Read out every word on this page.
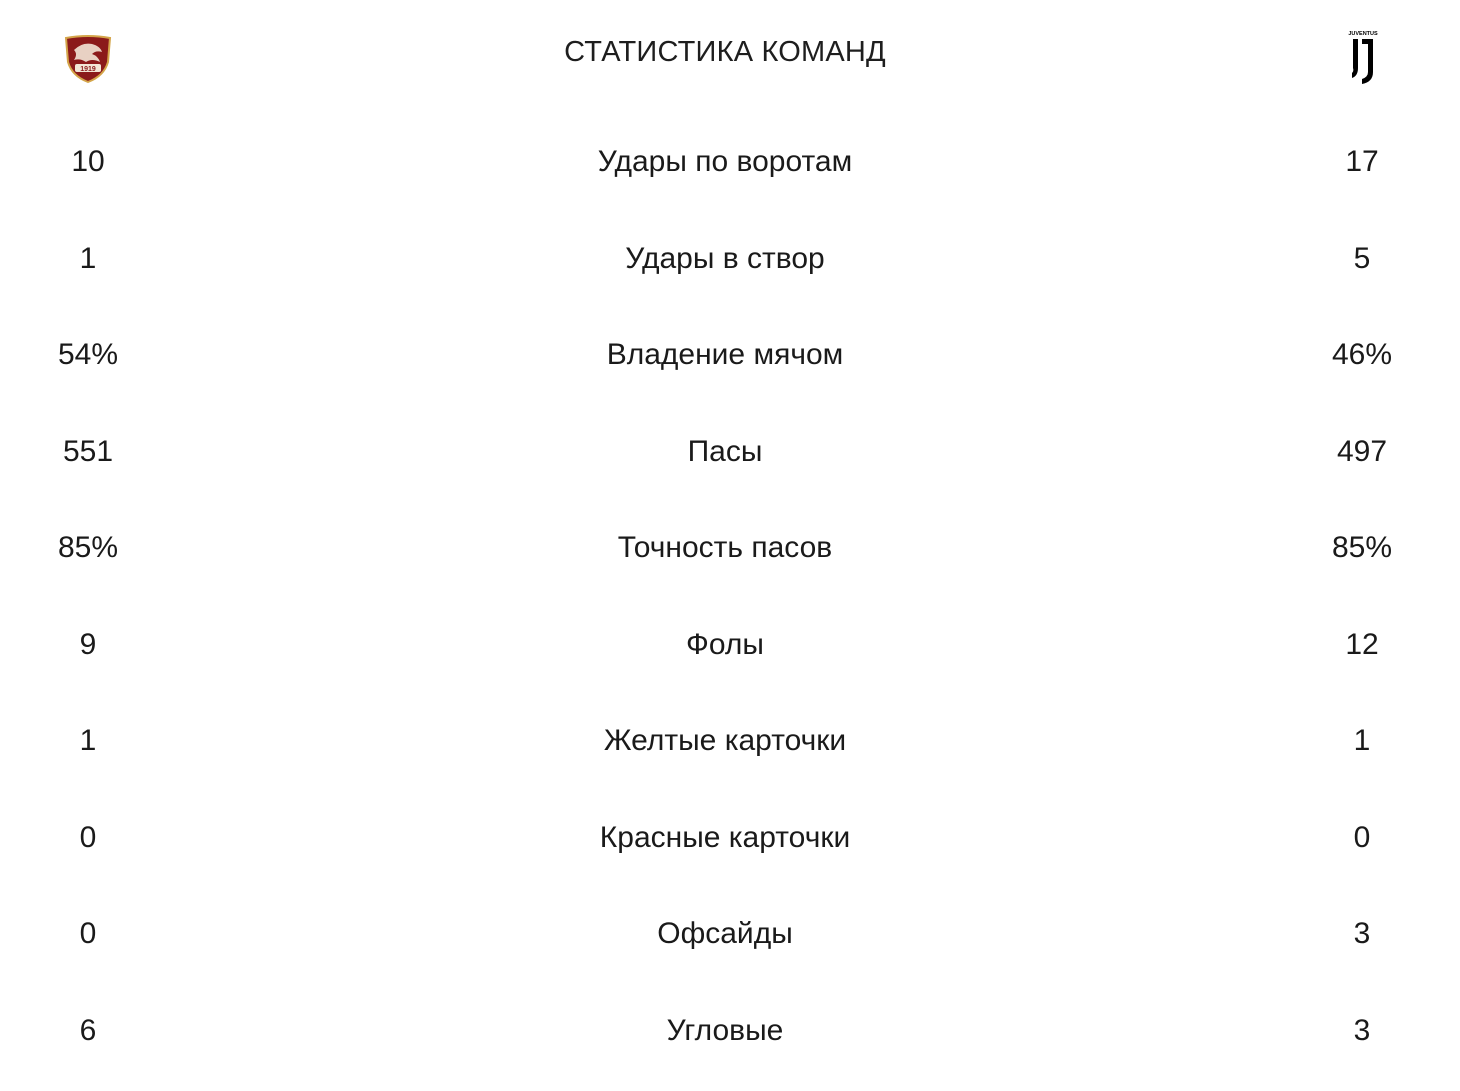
1919
СТАТИСТИКА КОМАНД
JUVENTUS
10	Удары по воротам	17
1	Удары в створ	5
54%	Владение мячом	46%
551	Пасы	497
85%	Точность пасов	85%
9	Фолы	12
1	Желтые карточки	1
0	Красные карточки	0
0	Офсайды	3
6	Угловые	3
